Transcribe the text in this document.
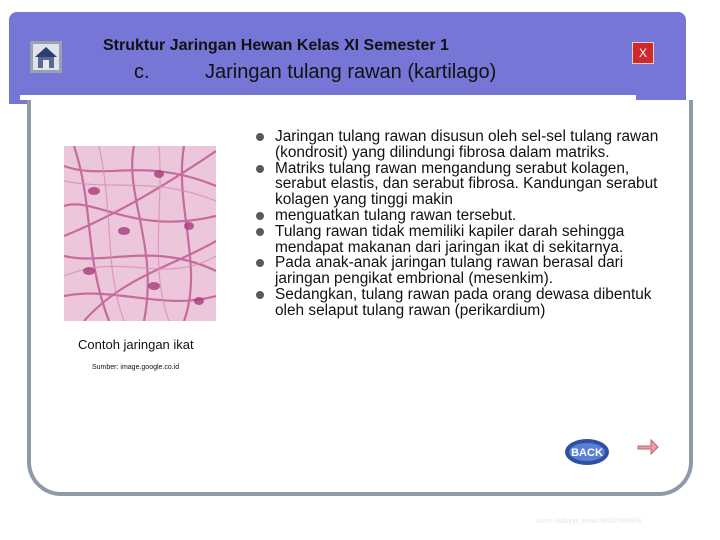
Struktur Jaringan Hewan Kelas XI Semester 1
c.	Jaringan tulang rawan (kartilago)
X
Contoh jaringan ikat
Sumber: image.google.co.id
Jaringan tulang rawan disusun oleh sel-sel tulang rawan (kondrosit) yang dilindungi fibrosa dalam matriks.
Matriks tulang rawan mengandung serabut kolagen, serabut elastis, dan serabut fibrosa. Kandungan serabut kolagen yang tinggi makin
menguatkan tulang rawan tersebut.
Tulang rawan tidak memiliki kapiler darah sehingga mendapat makanan dari jaringan ikat di sekitarnya.
Pada anak-anak jaringan tulang rawan berasal dari jaringan pengikat embrional (mesenkim).
Sedangkan, tulang rawan pada orang dewasa dibentuk oleh selaput tulang rawan (perikardium)
BACK
Anim Hidayat, www.08562589609
